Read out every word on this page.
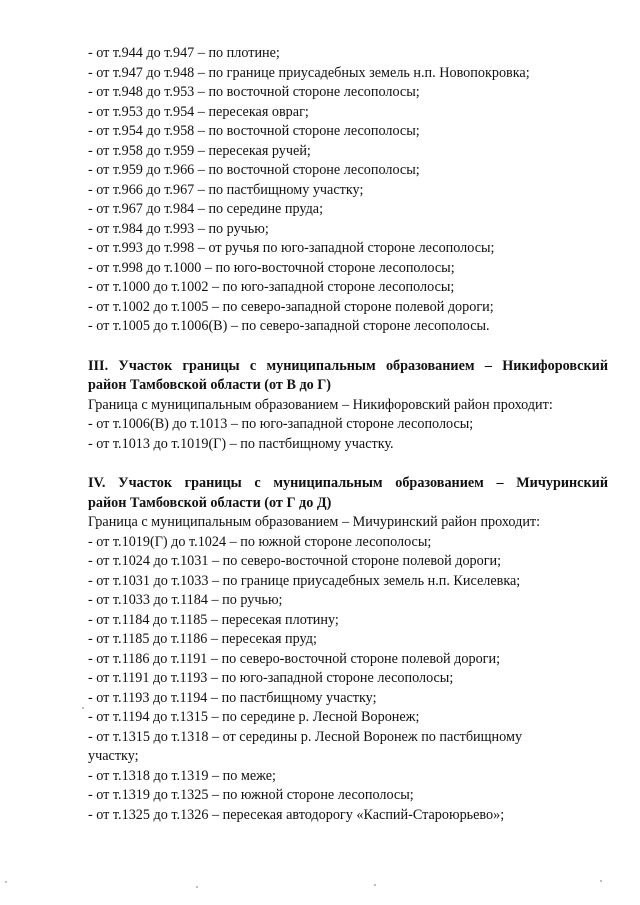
- от т.944 до т.947 – по плотине;
- от т.947 до т.948 – по границе приусадебных земель н.п. Новопокровка;
- от т.948 до т.953 – по восточной стороне лесополосы;
- от т.953 до т.954 – пересекая овраг;
- от т.954 до т.958 – по восточной стороне лесополосы;
- от т.958 до т.959 – пересекая ручей;
- от т.959 до т.966 – по восточной стороне лесополосы;
- от т.966 до т.967 – по пастбищному участку;
- от т.967 до т.984 – по середине пруда;
- от т.984 до т.993 – по ручью;
- от т.993 до т.998 – от ручья по юго-западной стороне лесополосы;
- от т.998 до т.1000 – по юго-восточной стороне лесополосы;
- от т.1000 до т.1002 – по юго-западной стороне лесополосы;
- от т.1002 до т.1005 – по северо-западной стороне полевой дороги;
- от т.1005 до т.1006(В) – по северо-западной стороне лесополосы.
III. Участок границы с муниципальным образованием – Никифоровский
район Тамбовской области (от В до Г)
Граница с муниципальным образованием – Никифоровский район проходит:
- от т.1006(В) до т.1013 – по юго-западной стороне лесополосы;
- от т.1013 до т.1019(Г) – по пастбищному участку.
IV. Участок границы с муниципальным образованием – Мичуринский
район Тамбовской области (от Г до Д)
Граница с муниципальным образованием – Мичуринский район проходит:
- от т.1019(Г) до т.1024 – по южной стороне лесополосы;
- от т.1024 до т.1031 – по северо-восточной стороне полевой дороги;
- от т.1031 до т.1033 – по границе приусадебных земель н.п. Киселевка;
- от т.1033 до т.1184 – по ручью;
- от т.1184 до т.1185 – пересекая плотину;
- от т.1185 до т.1186 – пересекая пруд;
- от т.1186 до т.1191 – по северо-восточной стороне полевой дороги;
- от т.1191 до т.1193 – по юго-западной стороне лесополосы;
- от т.1193 до т.1194 – по пастбищному участку;
- от т.1194 до т.1315 – по середине р. Лесной Воронеж;
- от т.1315 до т.1318 – от середины р. Лесной Воронеж по пастбищному
участку;
- от т.1318 до т.1319 – по меже;
- от т.1319 до т.1325 – по южной стороне лесополосы;
- от т.1325 до т.1326 – пересекая автодорогу «Каспий-Староюрьево»;
